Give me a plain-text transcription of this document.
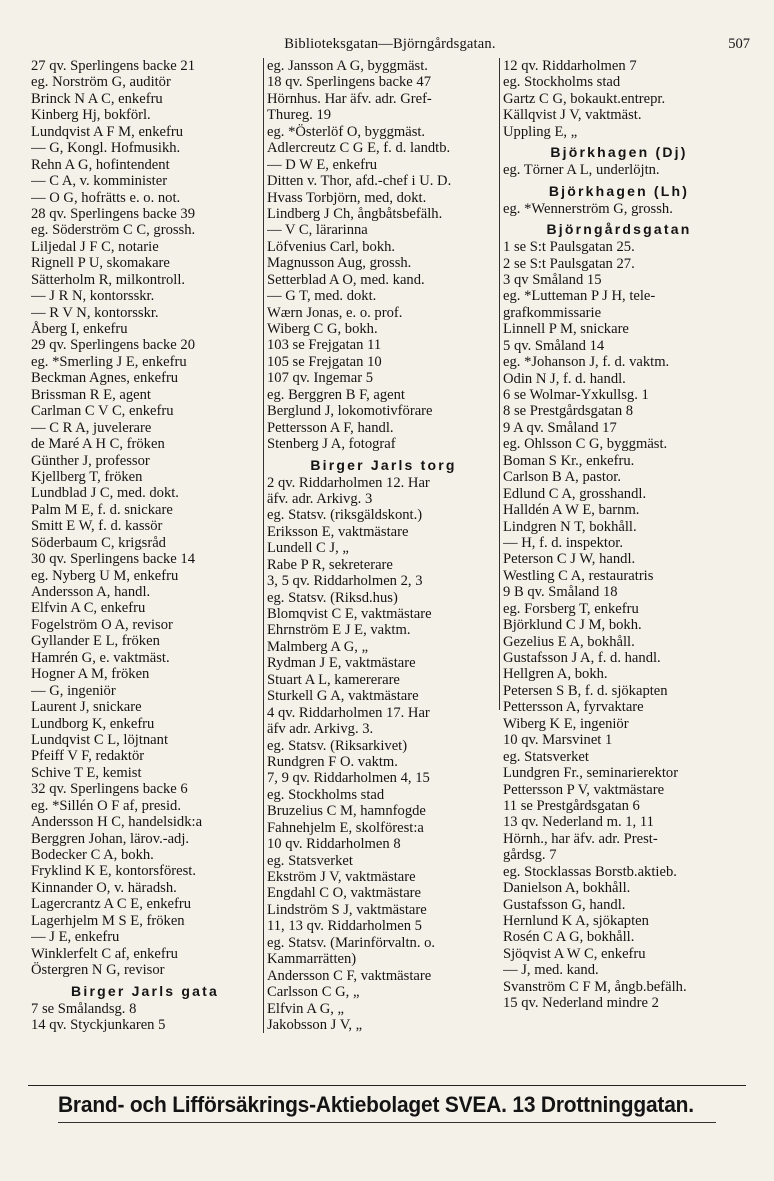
Biblioteksgatan—Björngårdsgatan.	507
27 qv. Sperlingens backe 21
eg. Norström G, auditör
Brinck N A C, enkefru
Kinberg Hj, bokförl.
Lundqvist A F M, enkefru
— G, Kongl. Hofmusikh.
Rehn A G, hofintendent
— C A, v. komminister
— O G, hofrätts e. o. not.
28 qv. Sperlingens backe 39
eg. Söderström C C, grossh.
Liljedal J F C, notarie
Rignell P U, skomakare
Sätterholm R, milkontroll.
— J R N, kontorsskr.
— R V N, kontorsskr.
Åberg I, enkefru
29 qv. Sperlingens backe 20
eg. *Smerling J E, enkefru
Beckman Agnes, enkefru
Brissman R E, agent
Carlman C V C, enkefru
— C R A, juvelerare
de Maré A H C, fröken
Günther J, professor
Kjellberg T, fröken
Lundblad J C, med. dokt.
Palm M E, f. d. snickare
Smitt E W, f. d. kassör
Söderbaum C, krigsråd
30 qv. Sperlingens backe 14
eg. Nyberg U M, enkefru
Andersson A, handl.
Elfvin A C, enkefru
Fogelström O A, revisor
Gyllander E L, fröken
Hamrén G, e. vaktmäst.
Hogner A M, fröken
— G, ingeniör
Laurent J, snickare
Lundborg K, enkefru
Lundqvist C L, löjtnant
Pfeiff V F, redaktör
Schive T E, kemist
32 qv. Sperlingens backe 6
eg. *Sillén O F af, presid.
Andersson H C, handelsidk:a
Berggren Johan, lärov.-adj.
Bodecker C A, bokh.
Fryklind K E, kontorsförest.
Kinnander O, v. häradsh.
Lagercrantz A C E, enkefru
Lagerhjelm M S E, fröken
— J E, enkefru
Winklerfelt C af, enkefru
Östergren N G, revisor
Birger Jarls gata
7 se Smålandsg. 8
14 qv. Styckjunkaren 5
eg. Jansson A G, byggmäst.
18 qv. Sperlingens backe 47
Hörnhus. Har äfv. adr. Gref-
Thureg. 19
eg. *Österlöf O, byggmäst.
Adlercreutz C G E, f. d. landtb.
— D W E, enkefru
Ditten v. Thor, afd.-chef i U. D.
Hvass Torbjörn, med, dokt.
Lindberg J Ch, ångbåtsbefälh.
— V C, lärarinna
Löfvenius Carl, bokh.
Magnusson Aug, grossh.
Setterblad A O, med. kand.
— G T, med. dokt.
Wærn Jonas, e. o. prof.
Wiberg C G, bokh.
103 se Frejgatan 11
105 se Frejgatan 10
107 qv. Ingemar 5
eg. Berggren B F, agent
Berglund J, lokomotivförare
Pettersson A F, handl.
Stenberg J A, fotograf
Birger Jarls torg
2 qv. Riddarholmen 12. Har
äfv. adr. Arkivg. 3
eg. Statsv. (riksgäldskont.)
Eriksson E, vaktmästare
Lundell C J, „
Rabe P R, sekreterare
3, 5 qv. Riddarholmen 2, 3
eg. Statsv. (Riksd.hus)
Blomqvist C E, vaktmästare
Ehrnström E J E, vaktm.
Malmberg A G, „
Rydman J E, vaktmästare
Stuart A L, kamererare
Sturkell G A, vaktmästare
4 qv. Riddarholmen 17. Har
äfv adr. Arkivg. 3.
eg. Statsv. (Riksarkivet)
Rundgren F O. vaktm.
7, 9 qv. Riddarholmen 4, 15
eg. Stockholms stad
Bruzelius C M, hamnfogde
Fahnehjelm E, skolförest:a
10 qv. Riddarholmen 8
eg. Statsverket
Ekström J V, vaktmästare
Engdahl C O, vaktmästare
Lindström S J, vaktmästare
11, 13 qv. Riddarholmen 5
eg. Statsv. (Marinförvaltn. o.
Kammarrätten)
Andersson C F, vaktmästare
Carlsson C G, „
Elfvin A G, „
Jakobsson J V, „
12 qv. Riddarholmen 7
eg. Stockholms stad
Gartz C G, bokaukt.entrepr.
Källqvist J V, vaktmäst.
Uppling E, „
Björkhagen (Dj)
eg. Törner A L, underlöjtn.
Björkhagen (Lh)
eg. *Wennerström G, grossh.
Björngårdsgatan
1 se S:t Paulsgatan 25.
2 se S:t Paulsgatan 27.
3 qv Småland 15
eg. *Lutteman P J H, tele-
grafkommissarie
Linnell P M, snickare
5 qv. Småland 14
eg. *Johanson J, f. d. vaktm.
Odin N J, f. d. handl.
6 se Wolmar-Yxkullsg. 1
8 se Prestgårdsgatan 8
9 A qv. Småland 17
eg. Ohlsson C G, byggmäst.
Boman S Kr., enkefru.
Carlson B A, pastor.
Edlund C A, grosshandl.
Halldén A W E, barnm.
Lindgren N T, bokhåll.
— H, f. d. inspektor.
Peterson C J W, handl.
Westling C A, restauratris
9 B qv. Småland 18
eg. Forsberg T, enkefru
Björklund C J M, bokh.
Gezelius E A, bokhåll.
Gustafsson J A, f. d. handl.
Hellgren A, bokh.
Petersen S B, f. d. sjökapten
Pettersson A, fyrvaktare
Wiberg K E, ingeniör
10 qv. Marsvinet 1
eg. Statsverket
Lundgren Fr., seminarierektor
Pettersson P V, vaktmästare
11 se Prestgårdsgatan 6
13 qv. Nederland m. 1, 11
Hörnh., har äfv. adr. Prest-
gårdsg. 7
eg. Stocklassas Borstb.aktieb.
Danielson A, bokhåll.
Gustafsson G, handl.
Hernlund K A, sjökapten
Rosén C A G, bokhåll.
Sjöqvist A W C, enkefru
— J, med. kand.
Svanström C F M, ångb.befälh.
15 qv. Nederland mindre 2
Brand- och Lifförsäkrings-Aktiebolaget SVEA. 13 Drottninggatan.
